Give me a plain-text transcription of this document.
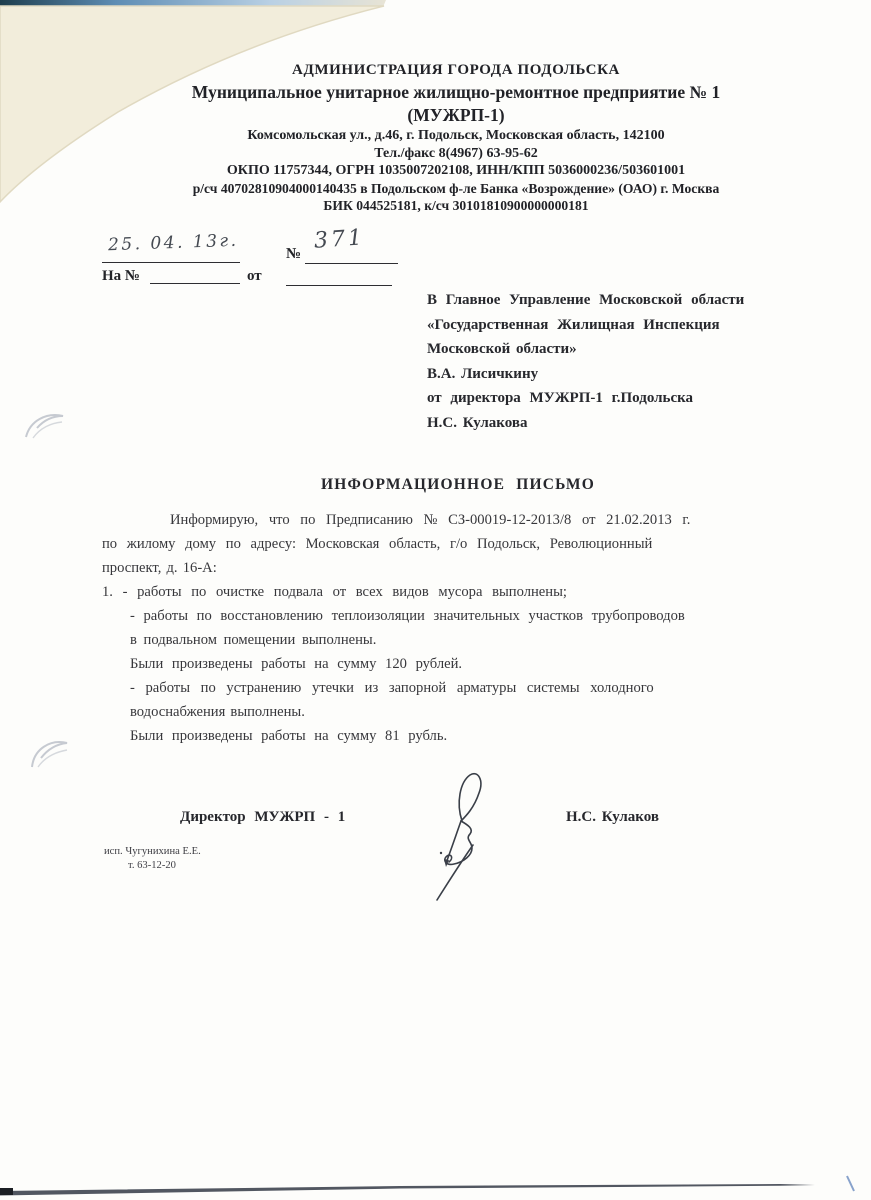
АДМИНИСТРАЦИЯ ГОРОДА ПОДОЛЬСКА
Муниципальное унитарное жилищно-ремонтное предприятие № 1
(МУЖРП-1)
Комсомольская ул., д.46, г. Подольск, Московская область, 142100
Тел./факс 8(4967) 63-95-62
ОКПО 11757344, ОГРН 1035007202108, ИНН/КПП 5036000236/503601001
р/сч 40702810904000140435 в Подольском ф-ле Банка «Возрождение» (ОАО) г. Москва
БИК 044525181, к/сч 30101810900000000181
25. 04. 13г.	№
371
На №	от
В Главное Управление Московской области
«Государственная Жилищная Инспекция
Московской области»
В.А. Лисичкину
от директора МУЖРП-1 г.Подольска
Н.С. Кулакова
ИНФОРМАЦИОННОЕ ПИСЬМО
Информирую, что по Предписанию № СЗ-00019-12-2013/8 от 21.02.2013 г.
по жилому дому по адресу: Московская область, г/о Подольск, Революционный
проспект, д. 16-А:
1. - работы по очистке подвала от всех видов мусора выполнены;
- работы по восстановлению теплоизоляции значительных участков трубопроводов
в подвальном помещении выполнены.
Были произведены работы на сумму 120 рублей.
- работы по устранению утечки из запорной арматуры системы холодного
водоснабжения выполнены.
Были произведены работы на сумму 81 рубль.
Директор МУЖРП - 1	Н.С. Кулаков
исп. Чугунихина Е.Е.
т. 63-12-20
